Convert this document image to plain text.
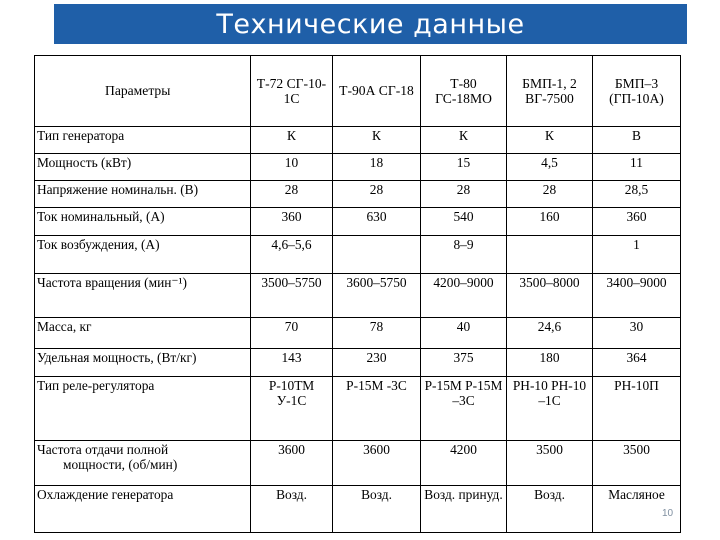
Технические данные
Параметры	Т-72 СГ-10-1С	Т-90А СГ-18	Т-80 ГС-18МО	БМП-1, 2 ВГ-7500	БМП–3 (ГП-10А)
Тип генератора	К	К	К	К	В
Мощность (кВт)	10	18	15	4,5	11
Напряжение номинальн. (В)	28	28	28	28	28,5
Ток номинальный, (А)	360	630	540	160	360
Ток возбуждения, (А)	4,6–5,6		8–9		1
Частота вращения (мин⁻¹)	3500–5750	3600–5750	4200–9000	3500–8000	3400–9000
Масса, кг	70	78	40	24,6	30
Удельная мощность, (Вт/кг)	143	230	375	180	364
Тип реле-регулятора	Р-10ТМ У-1С	Р-15М -3С	Р-15М Р-15М –3С	РН-10 РН-10 –1С	РН-10П
Частота отдачи полной
мощности, (об/мин)	3600	3600	4200	3500	3500
Охлаждение генератора	Возд.	Возд.	Возд. принуд.	Возд.	Масляное
10
